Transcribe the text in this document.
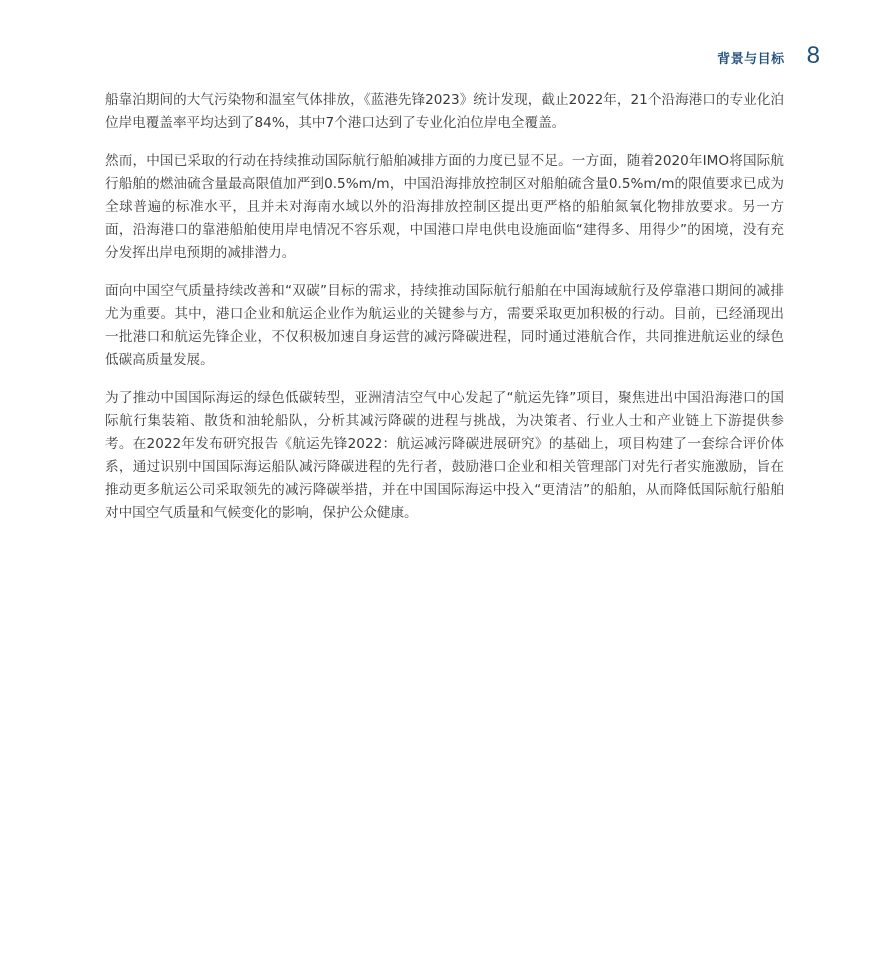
背景与目标 8

船靠泊期间的大气污染物和温室气体排放，《蓝港先锋2023》统计发现，截止2022年，21个沿海港口的专业化泊位岸电覆盖率平均达到了84%，其中7个港口达到了专业化泊位岸电全覆盖。

然而，中国已采取的行动在持续推动国际航行船舶减排方面的力度已显不足。一方面，随着2020年IMO将国际航行船舶的燃油硫含量最高限值加严到0.5%m/m，中国沿海排放控制区对船舶硫含量0.5%m/m的限值要求已成为全球普遍的标准水平，且并未对海南水域以外的沿海排放控制区提出更严格的船舶氮氧化物排放要求。另一方面，沿海港口的靠港船舶使用岸电情况不容乐观，中国港口岸电供电设施面临“建得多、用得少”的困境，没有充分发挥出岸电预期的减排潜力。

面向中国空气质量持续改善和“双碳”目标的需求，持续推动国际航行船舶在中国海域航行及停靠港口期间的减排尤为重要。其中，港口企业和航运企业作为航运业的关键参与方，需要采取更加积极的行动。目前，已经涌现出一批港口和航运先锋企业，不仅积极加速自身运营的减污降碳进程，同时通过港航合作，共同推进航运业的绿色低碳高质量发展。

为了推动中国国际海运的绿色低碳转型，亚洲清洁空气中心发起了“航运先锋”项目，聚焦进出中国沿海港口的国际航行集装箱、散货和油轮船队，分析其减污降碳的进程与挑战，为决策者、行业人士和产业链上下游提供参考。在2022年发布研究报告《航运先锋2022：航运减污降碳进展研究》的基础上，项目构建了一套综合评价体系，通过识别中国国际海运船队减污降碳进程的先行者，鼓励港口企业和相关管理部门对先行者实施激励，旨在推动更多航运公司采取领先的减污降碳举措，并在中国国际海运中投入“更清洁”的船舶，从而降低国际航行船舶对中国空气质量和气候变化的影响，保护公众健康。
